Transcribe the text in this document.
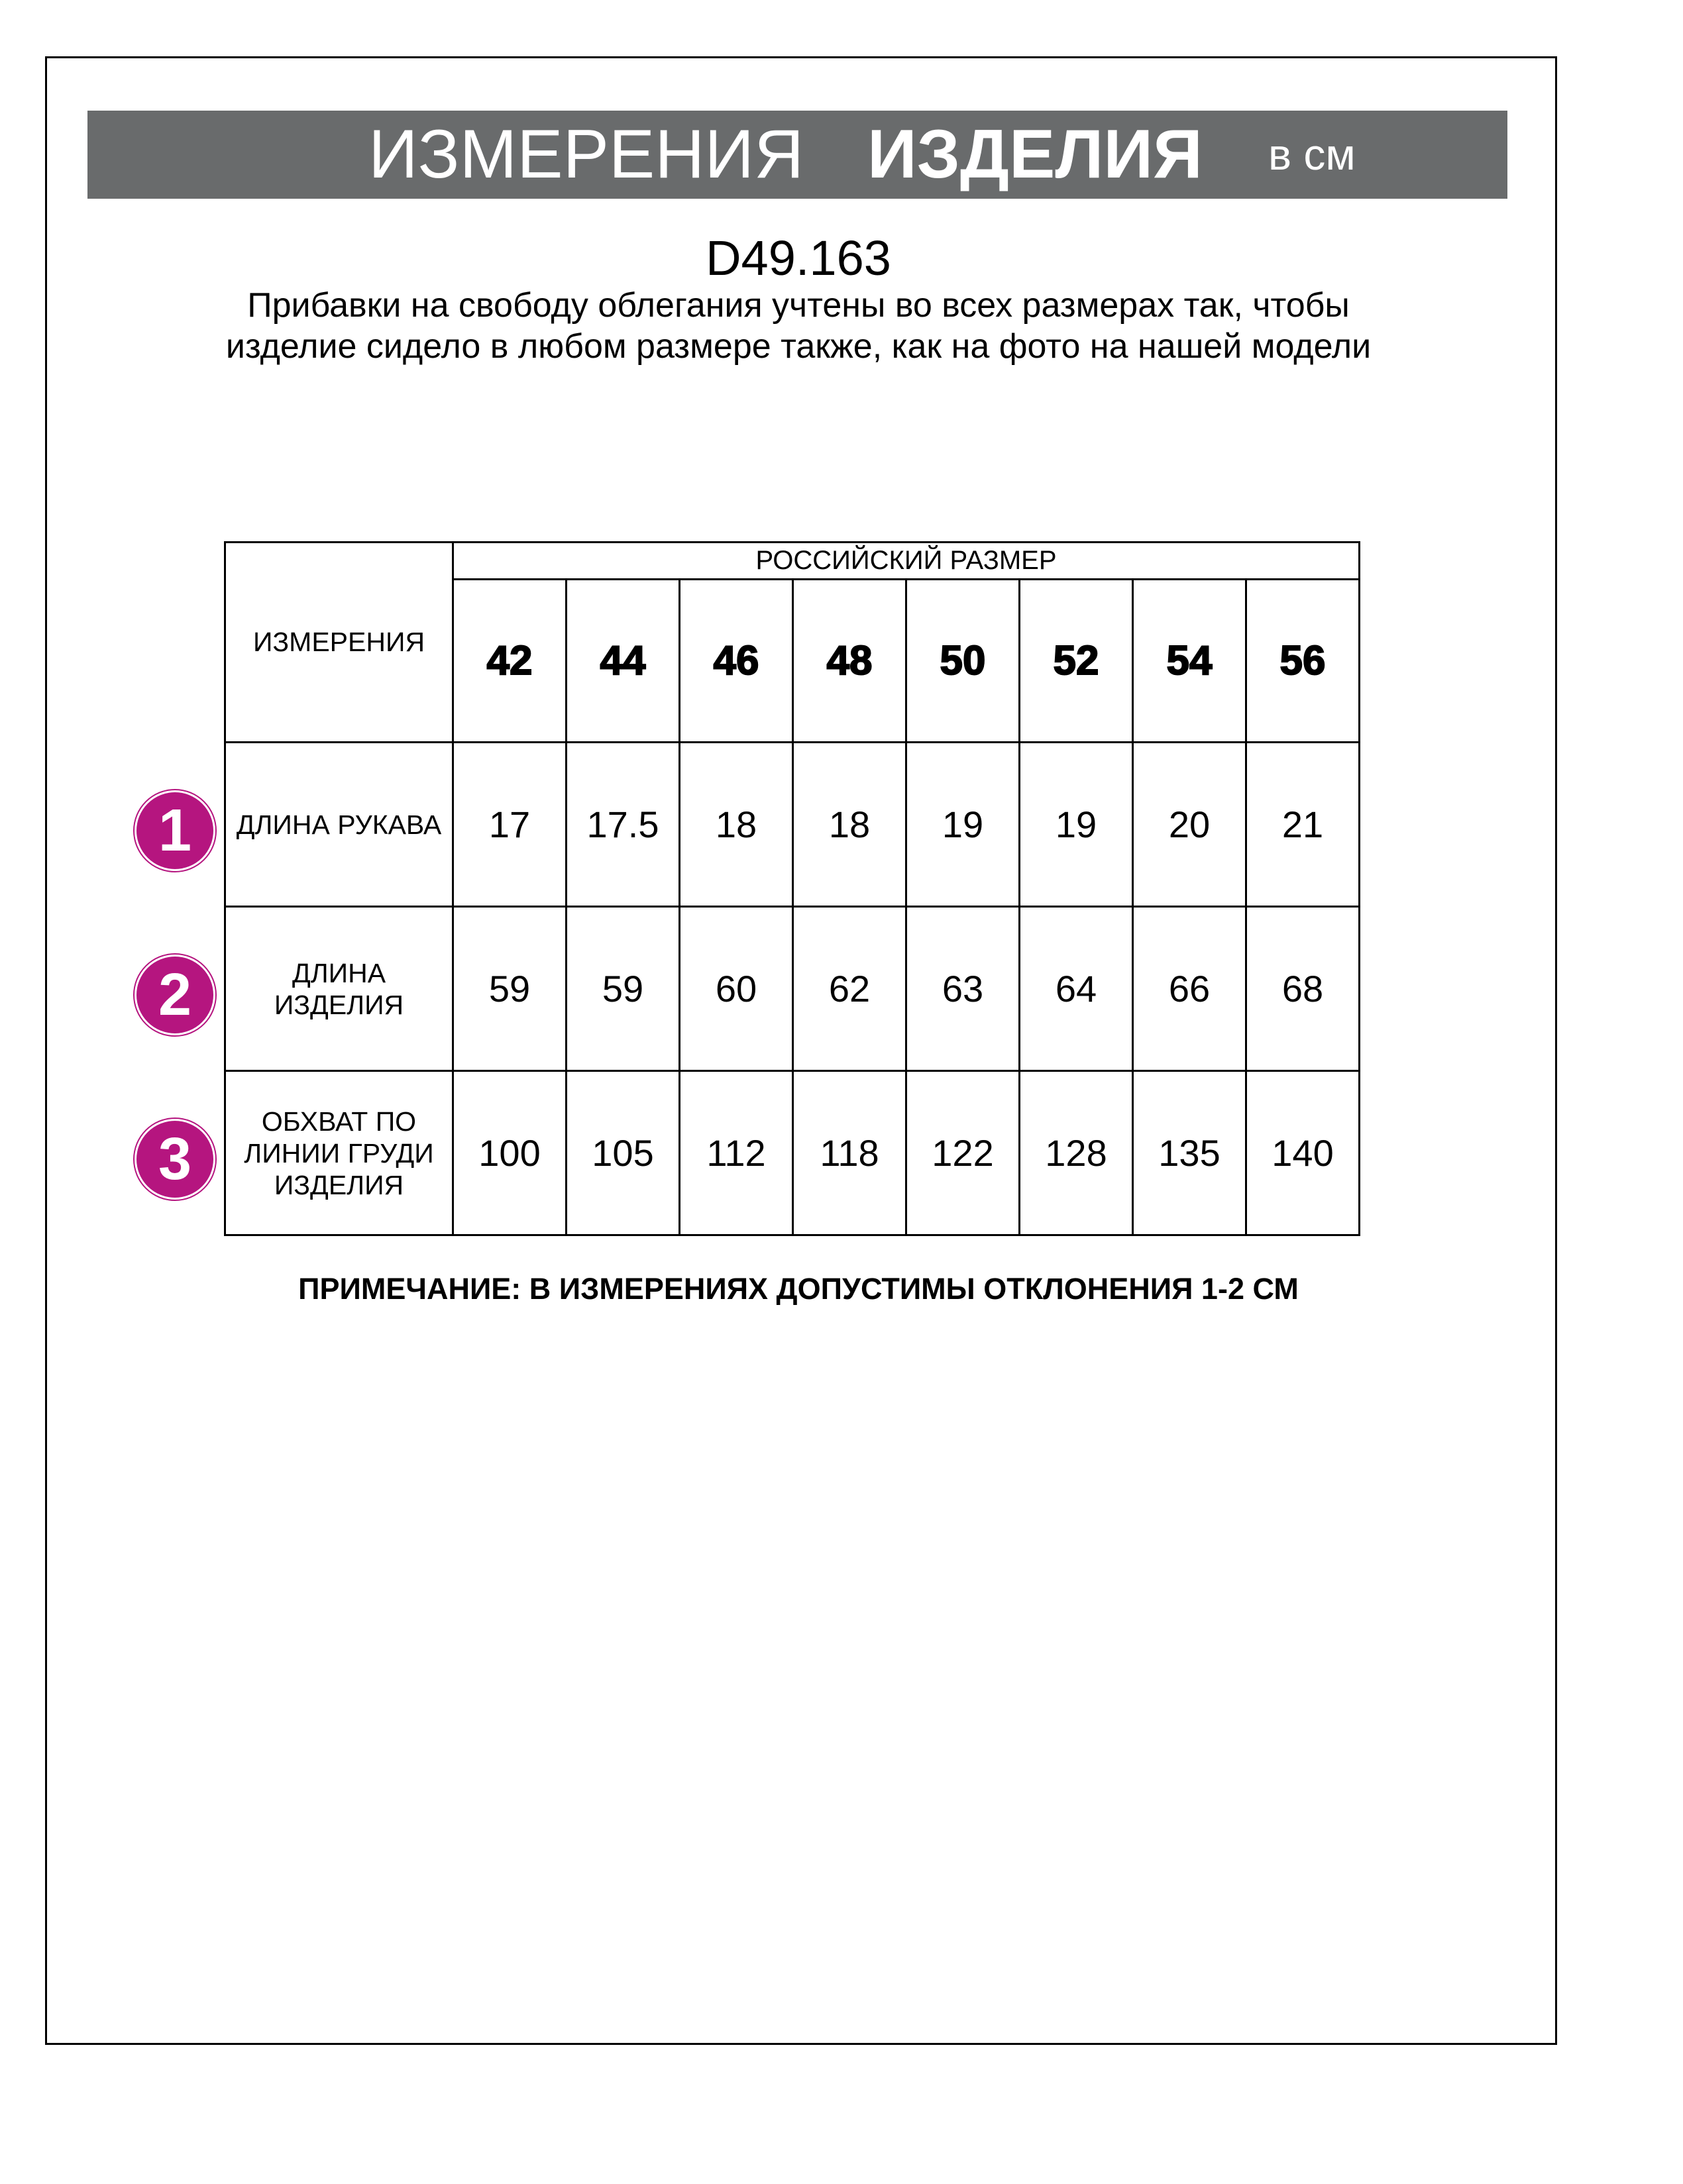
ИЗМЕРЕНИЯ ИЗДЕЛИЯ в см
D49.163
Прибавки на свободу облегания учтены во всех размерах так, чтобы изделие сидело в любом размере также, как на фото на нашей модели
ИЗМЕРЕНИЯ	РОССИЙСКИЙ РАЗМЕР							
	42	44	46	48	50	52	54	56
ДЛИНА РУКАВА	17	17.5	18	18	19	19	20	21
ДЛИНА ИЗДЕЛИЯ	59	59	60	62	63	64	66	68
ОБХВАТ ПО ЛИНИИ ГРУДИ ИЗДЕЛИЯ	100	105	112	118	122	128	135	140
1
2
3
ПРИМЕЧАНИЕ: В ИЗМЕРЕНИЯХ ДОПУСТИМЫ ОТКЛОНЕНИЯ 1-2 СМ
